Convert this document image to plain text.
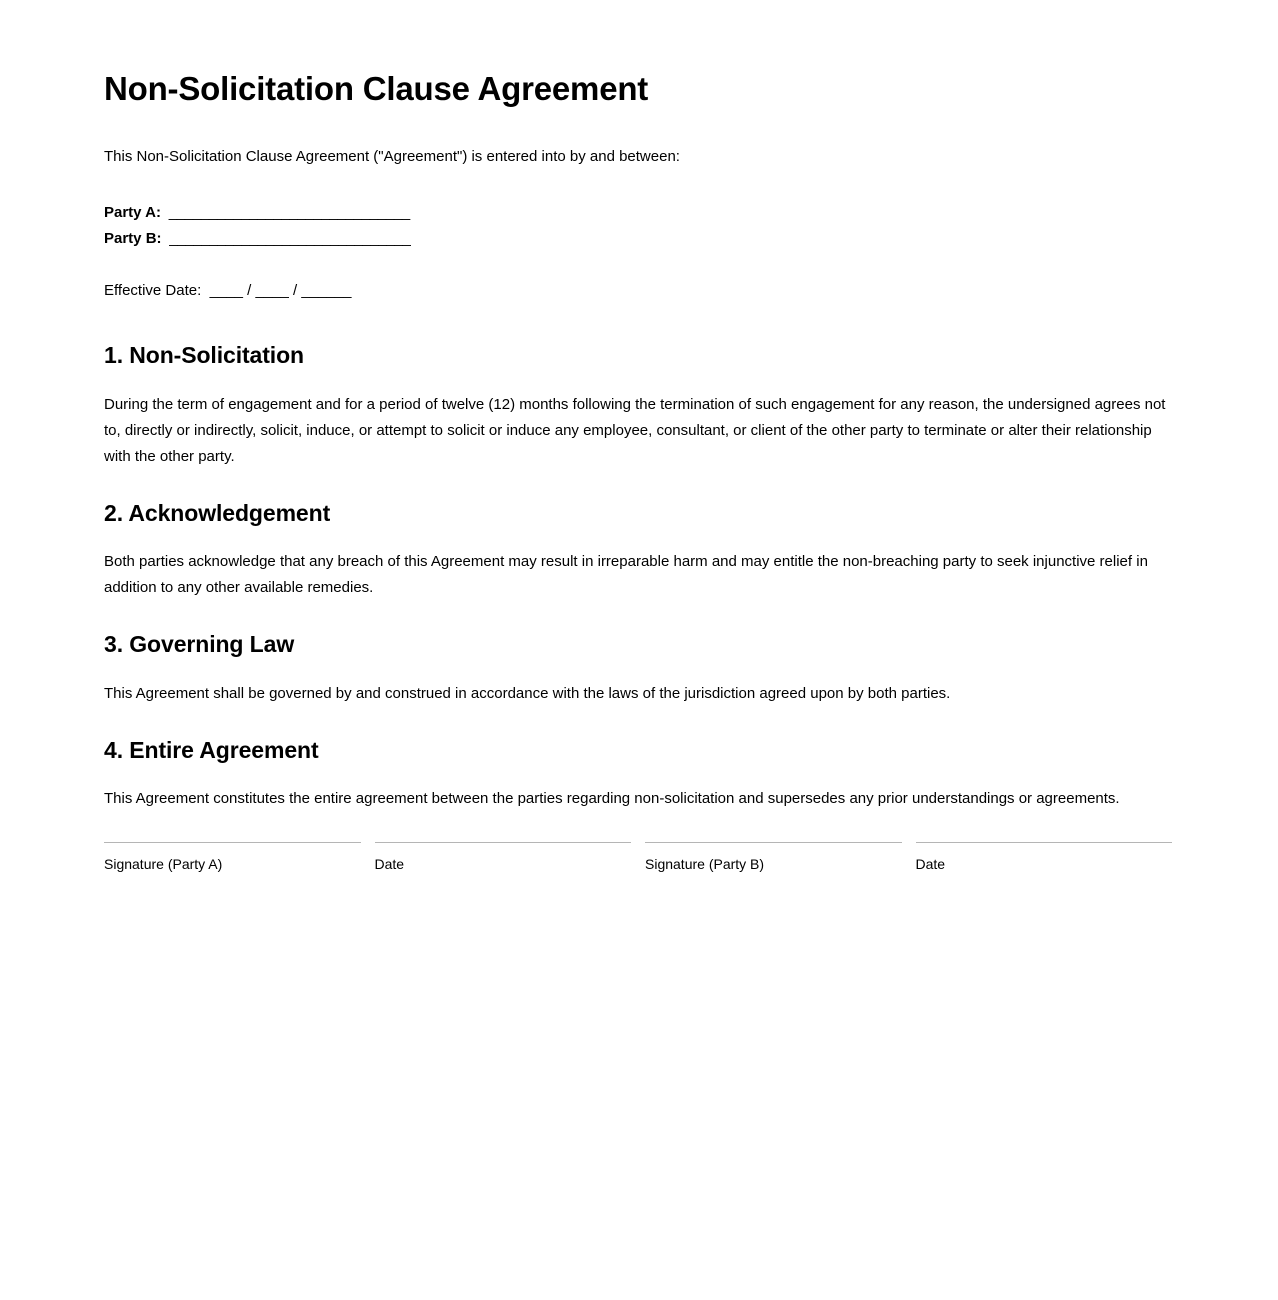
Non-Solicitation Clause Agreement

This Non-Solicitation Clause Agreement ("Agreement") is entered into by and between:

Party A:  ______________________________
Party B:  ______________________________
Effective Date:  ____ / ____ / ______
1. Non-Solicitation

During the term of engagement and for a period of twelve (12) months following the termination of such engagement for any reason, the undersigned agrees not to, directly or indirectly, solicit, induce, or attempt to solicit or induce any employee, consultant, or client of the other party to terminate or alter their relationship with the other party.

2. Acknowledgement

Both parties acknowledge that any breach of this Agreement may result in irreparable harm and may entitle the non-breaching party to seek injunctive relief in addition to any other available remedies.

3. Governing Law

This Agreement shall be governed by and construed in accordance with the laws of the jurisdiction agreed upon by both parties.

4. Entire Agreement

This Agreement constitutes the entire agreement between the parties regarding non-solicitation and supersedes any prior understandings or agreements.

Signature (Party A)	Date	Signature (Party B)	Date
